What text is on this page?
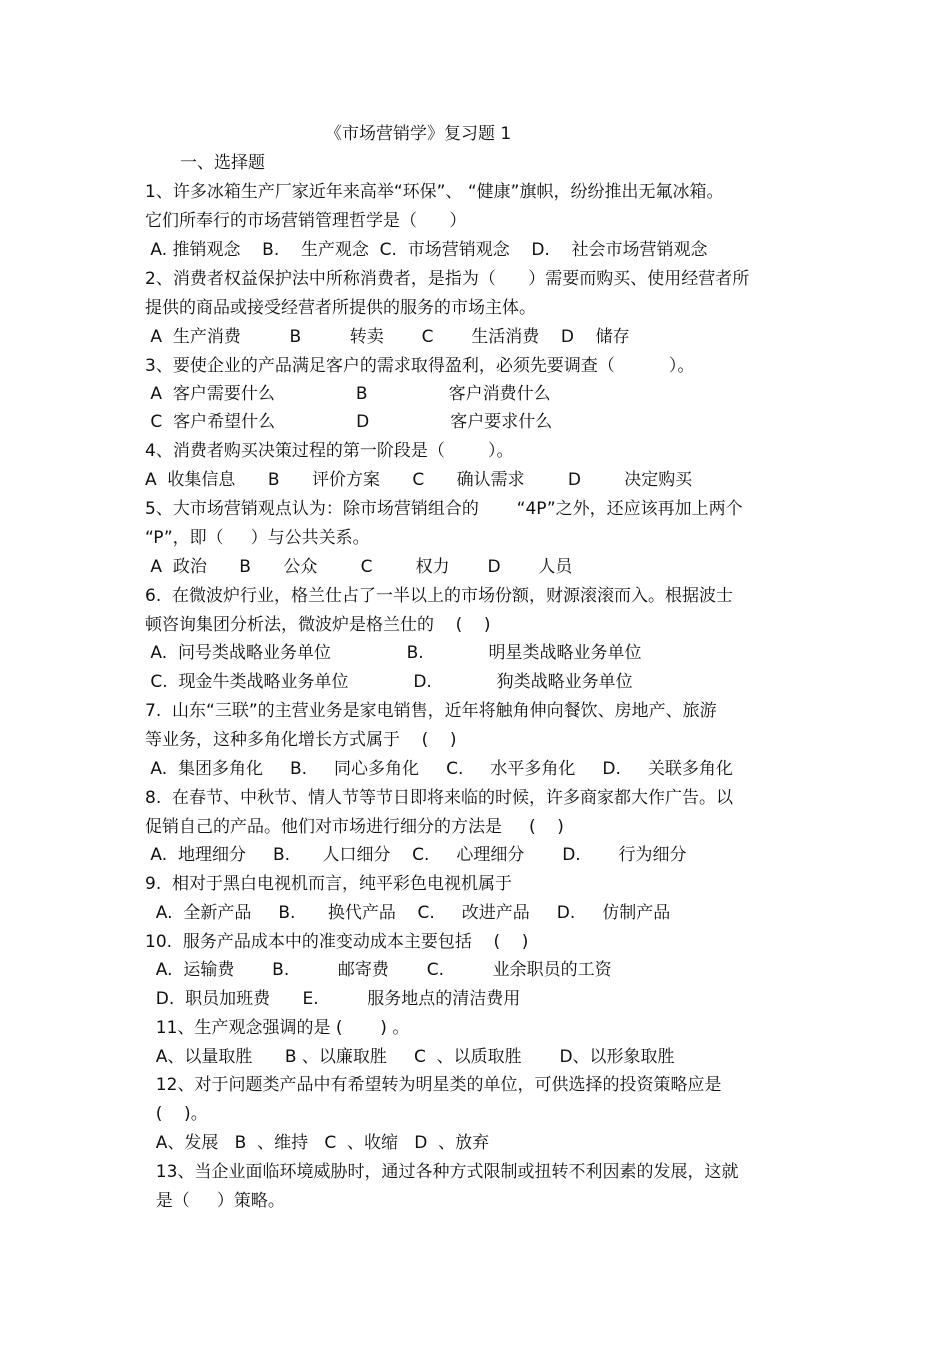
《市场营销学》复习题 1
一、选择题
1、许多冰箱生产厂家近年来高举“环保”、 “健康”旗帜，纷纷推出无氟冰箱。
它们所奉行的市场营销管理哲学是（      ）
A. 推销观念    B.    生产观念  C.  市场营销观念    D.    社会市场营销观念
2、消费者权益保护法中所称消费者，是指为（      ）需要而购买、使用经营者所
提供的商品或接受经营者所提供的服务的市场主体。
A  生产消费         B         转卖       C       生活消费    D    储存
3、要使企业的产品满足客户的需求取得盈利，必须先要调查（          ）。
A  客户需要什么               B               客户消费什么
C  客户希望什么               D               客户要求什么
4、消费者购买决策过程的第一阶段是（        ）。
A  收集信息      B      评价方案      C      确认需求        D        决定购买
5、大市场营销观点认为：除市场营销组合的       “4P”之外，还应该再加上两个
“P”，即（     ）与公共关系。
A  政治      B      公众        C        权力       D       人员
6.  在微波炉行业，格兰仕占了一半以上的市场份额，财源滚滚而入。根据波士
顿咨询集团分析法，微波炉是格兰仕的    (    )
A.  问号类战略业务单位              B.            明星类战略业务单位
C.  现金牛类战略业务单位            D.            狗类战略业务单位
7.  山东“三联”的主营业务是家电销售，近年将触角伸向餐饮、房地产、旅游
等业务，这种多角化增长方式属于    (    )
A.  集团多角化     B.     同心多角化     C.     水平多角化     D.     关联多角化
8.  在春节、中秋节、情人节等节日即将来临的时候，许多商家都大作广告。以
促销自己的产品。他们对市场进行细分的方法是     (    )
A.  地理细分     B.      人口细分    C.     心理细分       D.       行为细分
9.  相对于黑白电视机而言，纯平彩色电视机属于
A.  全新产品     B.      换代产品    C.     改进产品     D.     仿制产品
10.  服务产品成本中的准变动成本主要包括    (    )
A.  运输费       B.         邮寄费       C.         业余职员的工资
D.  职员加班费      E.         服务地点的清洁费用
11、生产观念强调的是 (       ) 。
A、以量取胜      B 、以廉取胜     C  、以质取胜       D、以形象取胜
12、对于问题类产品中有希望转为明星类的单位，可供选择的投资策略应是
(    )。
A、发展   B  、维持   C  、收缩   D  、放弃
13、当企业面临环境威胁时，通过各种方式限制或扭转不利因素的发展，这就
是（     ）策略。
